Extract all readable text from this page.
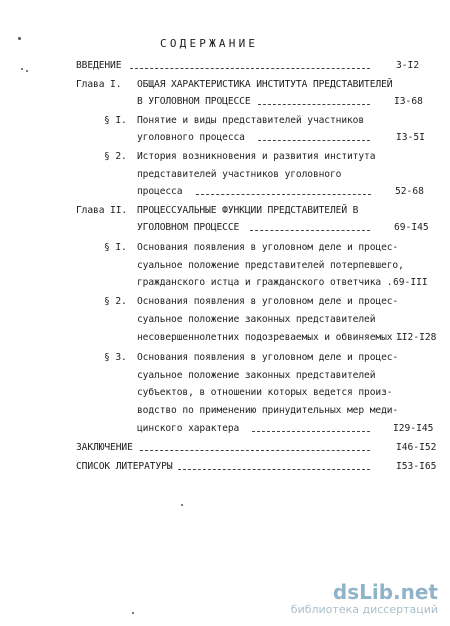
СОДЕРЖАНИЕ
ВВЕДЕНИЕ	3-I2
Глава I. ОБЩАЯ ХАРАКТЕРИСТИКА ИНСТИТУТА ПРЕДСТАВИТЕЛЕЙ
В УГОЛОВНОМ ПРОЦЕССЕ	I3-68
§ I. Понятие и виды представителей участников
уголовного процесса	I3-5I
§ 2. История возникновения и развития института
представителей участников уголовного
процесса	52-68
Глава II. ПРОЦЕССУАЛЬНЫЕ ФУНКЦИИ ПРЕДСТАВИТЕЛЕЙ В
УГОЛОВНОМ ПРОЦЕССЕ	69-I45
§ I. Основания появления в уголовном деле и процес-
суальное положение представителей потерпевшего,
гражданского истца и гражданского ответчика . 69-III
§ 2. Основания появления в уголовном деле и процес-
суальное положение законных представителей
несовершеннолетних подозреваемых и обвиняемых .
II2-I28
§ 3. Основания появления в уголовном деле и процес-
суальное положение законных представителей
субъектов, в отношении которых ведется произ-
водство по применению принудительных мер меди-
цинского характера	I29-I45
ЗАКЛЮЧЕНИЕ	I46-I52
СПИСОК ЛИТЕРАТУРЫ	I53-I65
dsLib.net
библиотека диссертаций
